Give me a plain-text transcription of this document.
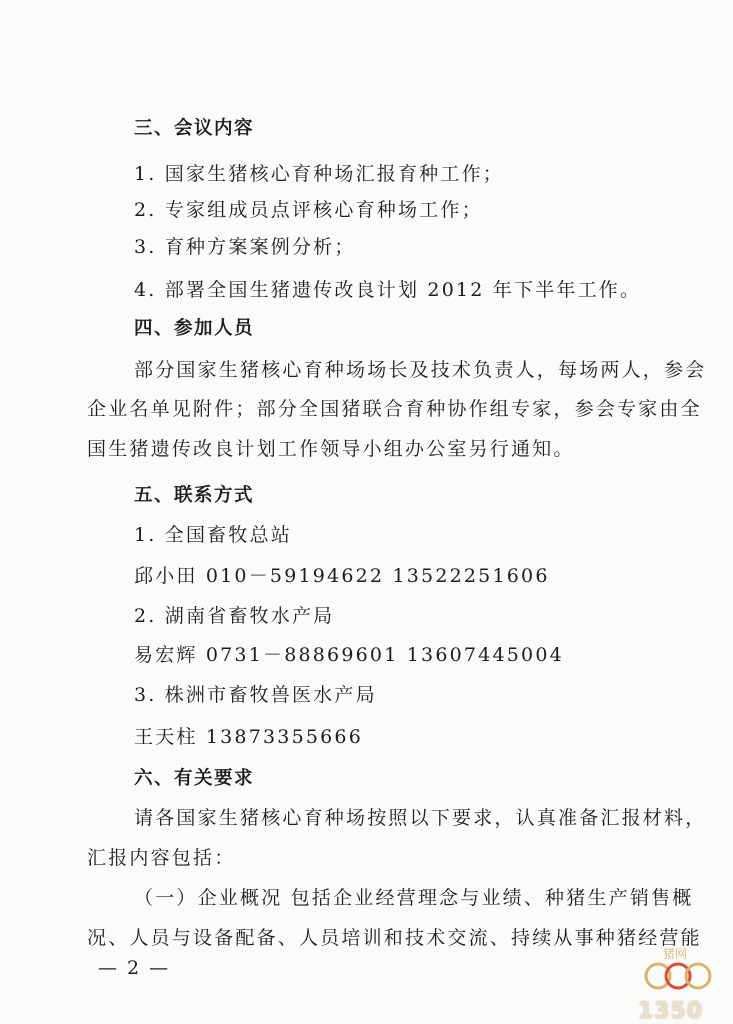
三、会议内容
1. 国家生猪核心育种场汇报育种工作；
2. 专家组成员点评核心育种场工作；
3. 育种方案案例分析；
4. 部署全国生猪遗传改良计划 2012 年下半年工作。
四、参加人员
部分国家生猪核心育种场场长及技术负责人，每场两人，参会
企业名单见附件；部分全国猪联合育种协作组专家，参会专家由全
国生猪遗传改良计划工作领导小组办公室另行通知。
五、联系方式
1. 全国畜牧总站
邱小田 010－59194622 13522251606
2. 湖南省畜牧水产局
易宏辉 0731－88869601 13607445004
3. 株洲市畜牧兽医水产局
王天柱 13873355666
六、有关要求
请各国家生猪核心育种场按照以下要求，认真准备汇报材料，
汇报内容包括：
（一）企业概况 包括企业经营理念与业绩、种猪生产销售概
况、人员与设备配备、人员培训和技术交流、持续从事种猪经营能
— 2 —
猪网
1350
